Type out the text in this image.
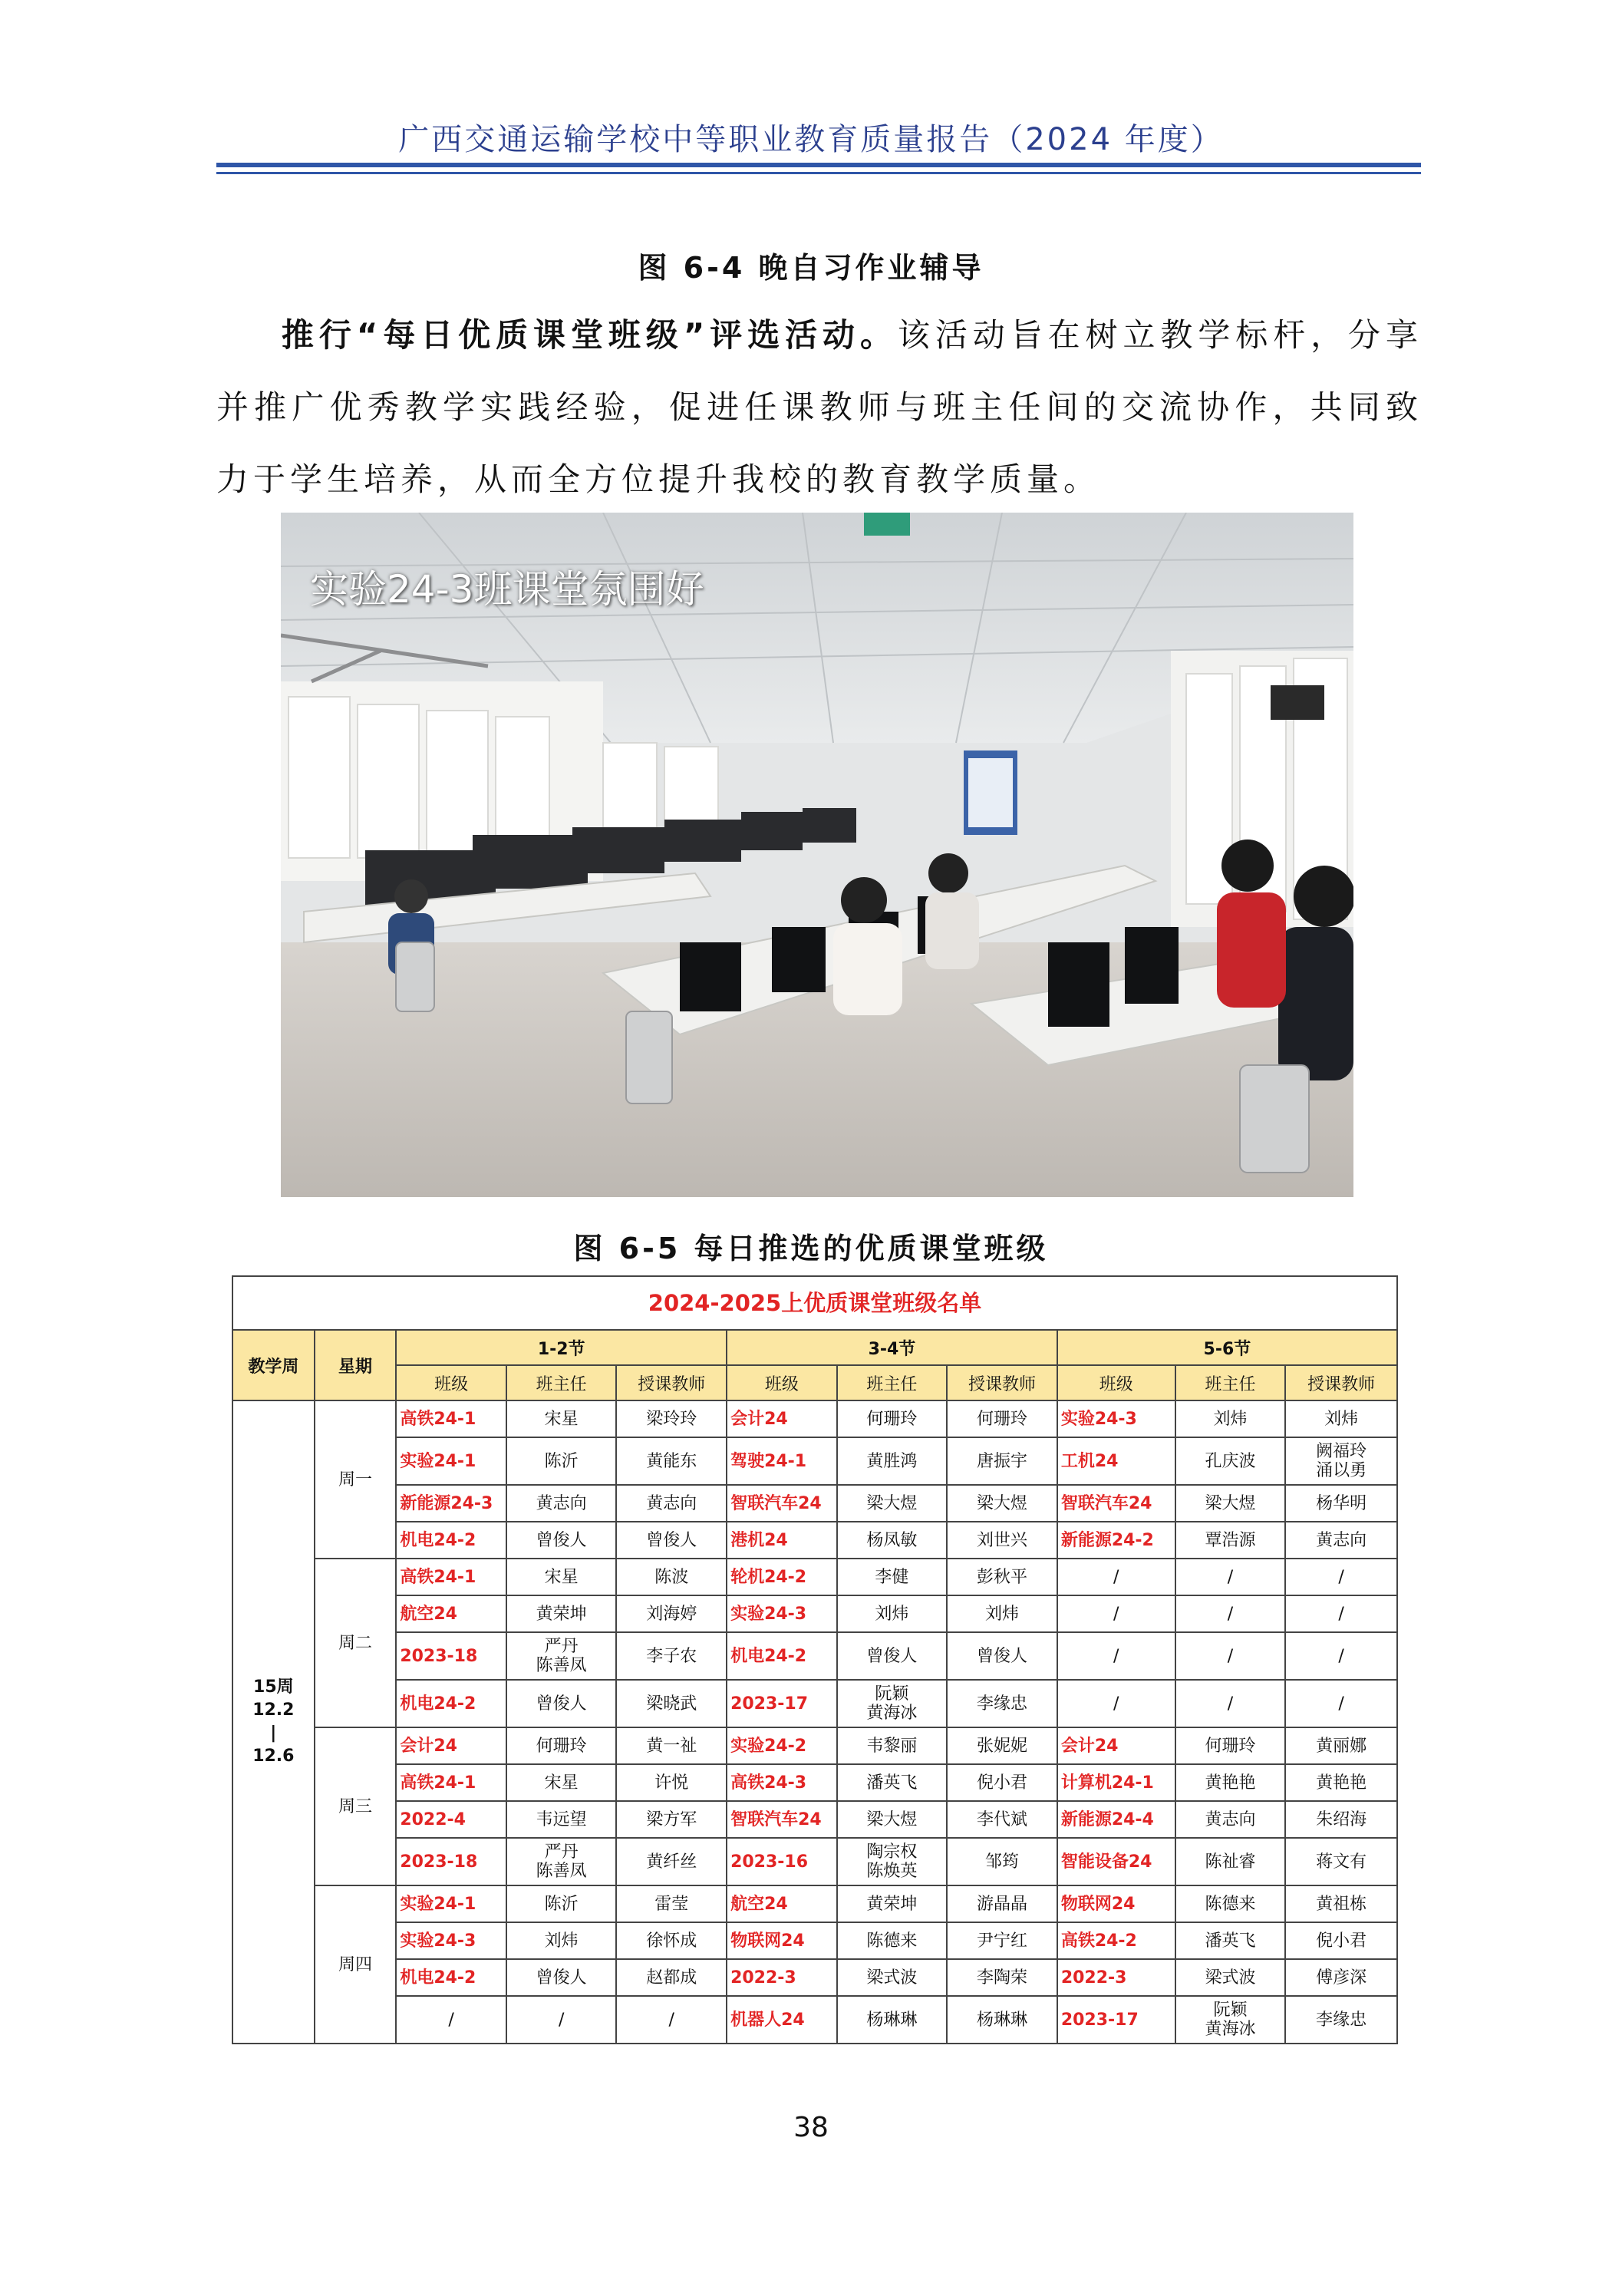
广西交通运输学校中等职业教育质量报告（2024 年度）
图 6-4 晚自习作业辅导
推行“每日优质课堂班级”评选活动。该活动旨在树立教学标杆，分享并推广优秀教学实践经验，促进任课教师与班主任间的交流协作，共同致力于学生培养，从而全方位提升我校的教育教学质量。
实验24-3班课堂氛围好
图 6-5 每日推选的优质课堂班级
2024-2025上优质课堂班级名单
教学周	星期	1-2节			3-4节			5-6节		
		班级	班主任	授课教师	班级	班主任	授课教师	班级	班主任	授课教师
15周
12.2
|
12.6	周一	高铁24-1	宋星	梁玲玲	会计24	何珊玲	何珊玲	实验24-3	刘炜	刘炜
		实验24-1	陈沂	黄能东	驾驶24-1	黄胜鸿	唐振宇	工机24	孔庆波	阙福玲
涌以勇
		新能源24-3	黄志向	黄志向	智联汽车24	梁大煜	梁大煜	智联汽车24	梁大煜	杨华明
		机电24-2	曾俊人	曾俊人	港机24	杨凤敏	刘世兴	新能源24-2	覃浩源	黄志向
	周二	高铁24-1	宋星	陈波	轮机24-2	李健	彭秋平	/	/	/
		航空24	黄荣坤	刘海婷	实验24-3	刘炜	刘炜	/	/	/
		2023-18	严丹
陈善凤	李子农	机电24-2	曾俊人	曾俊人	/	/	/
		机电24-2	曾俊人	梁晓武	2023-17	阮颖
黄海冰	李缘忠	/	/	/
	周三	会计24	何珊玲	黄一祉	实验24-2	韦黎丽	张妮妮	会计24	何珊玲	黄丽娜
		高铁24-1	宋星	许悦	高铁24-3	潘英飞	倪小君	计算机24-1	黄艳艳	黄艳艳
		2022-4	韦远望	梁方军	智联汽车24	梁大煜	李代斌	新能源24-4	黄志向	朱绍海
		2023-18	严丹
陈善凤	黄纤丝	2023-16	陶宗权
陈焕英	邹筠	智能设备24	陈祉睿	蒋文有
	周四	实验24-1	陈沂	雷莹	航空24	黄荣坤	游晶晶	物联网24	陈德来	黄祖栋
		实验24-3	刘炜	徐怀成	物联网24	陈德来	尹宁红	高铁24-2	潘英飞	倪小君
		机电24-2	曾俊人	赵都成	2022-3	梁式波	李陶荣	2022-3	梁式波	傅彦深
		/	/	/	机器人24	杨琳琳	杨琳琳	2023-17	阮颖
黄海冰	李缘忠
38
